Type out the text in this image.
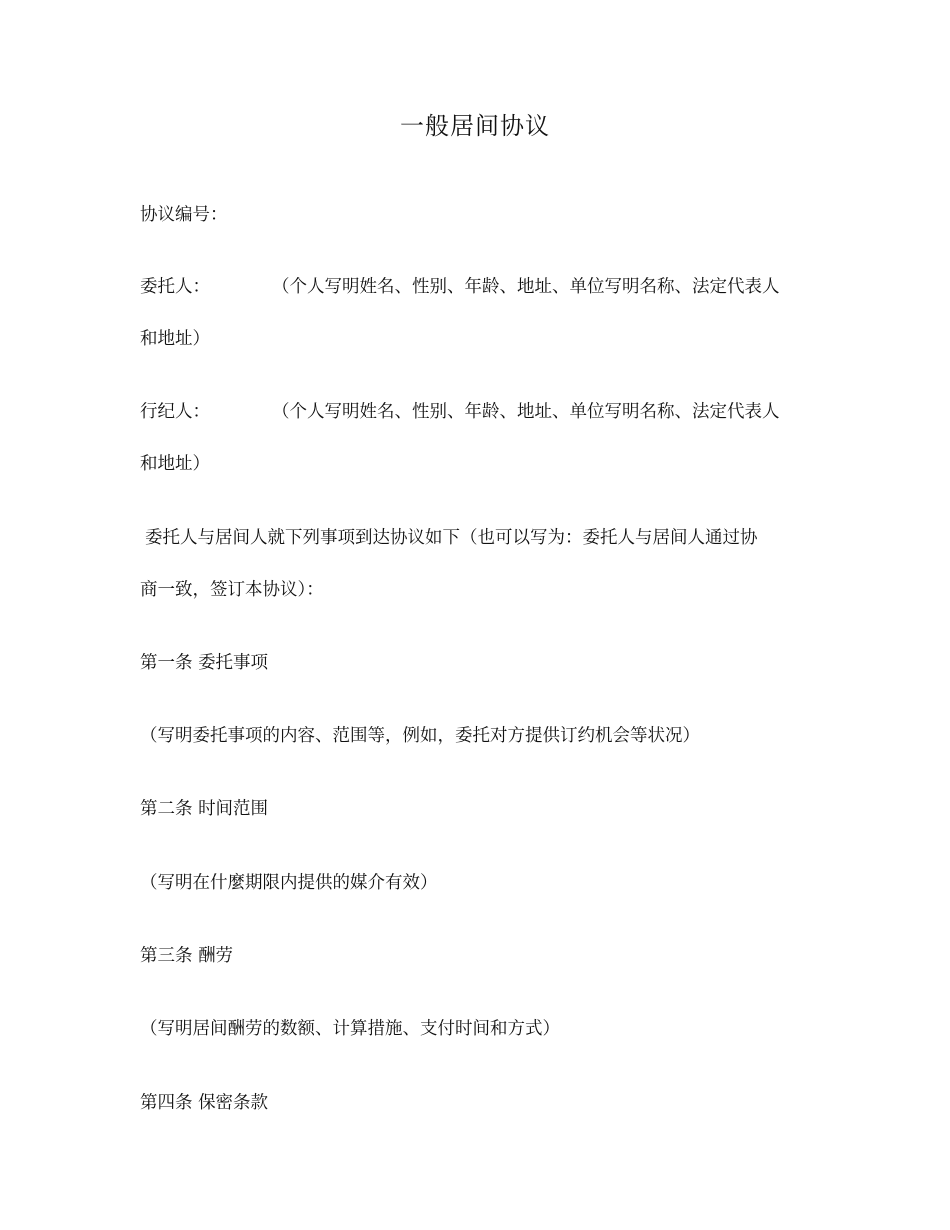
一般居间协议
协议编号：
委托人：	（个人写明姓名、性别、年龄、地址、单位写明名称、法定代表人
和地址）
行纪人：	（个人写明姓名、性别、年龄、地址、单位写明名称、法定代表人
和地址）
委托人与居间人就下列事项到达协议如下（也可以写为：委托人与居间人通过协
商一致，签订本协议）：
第一条 委托事项
（写明委托事项的内容、范围等，例如，委托对方提供订约机会等状况）
第二条 时间范围
（写明在什麼期限内提供的媒介有效）
第三条 酬劳
（写明居间酬劳的数额、计算措施、支付时间和方式）
第四条 保密条款
